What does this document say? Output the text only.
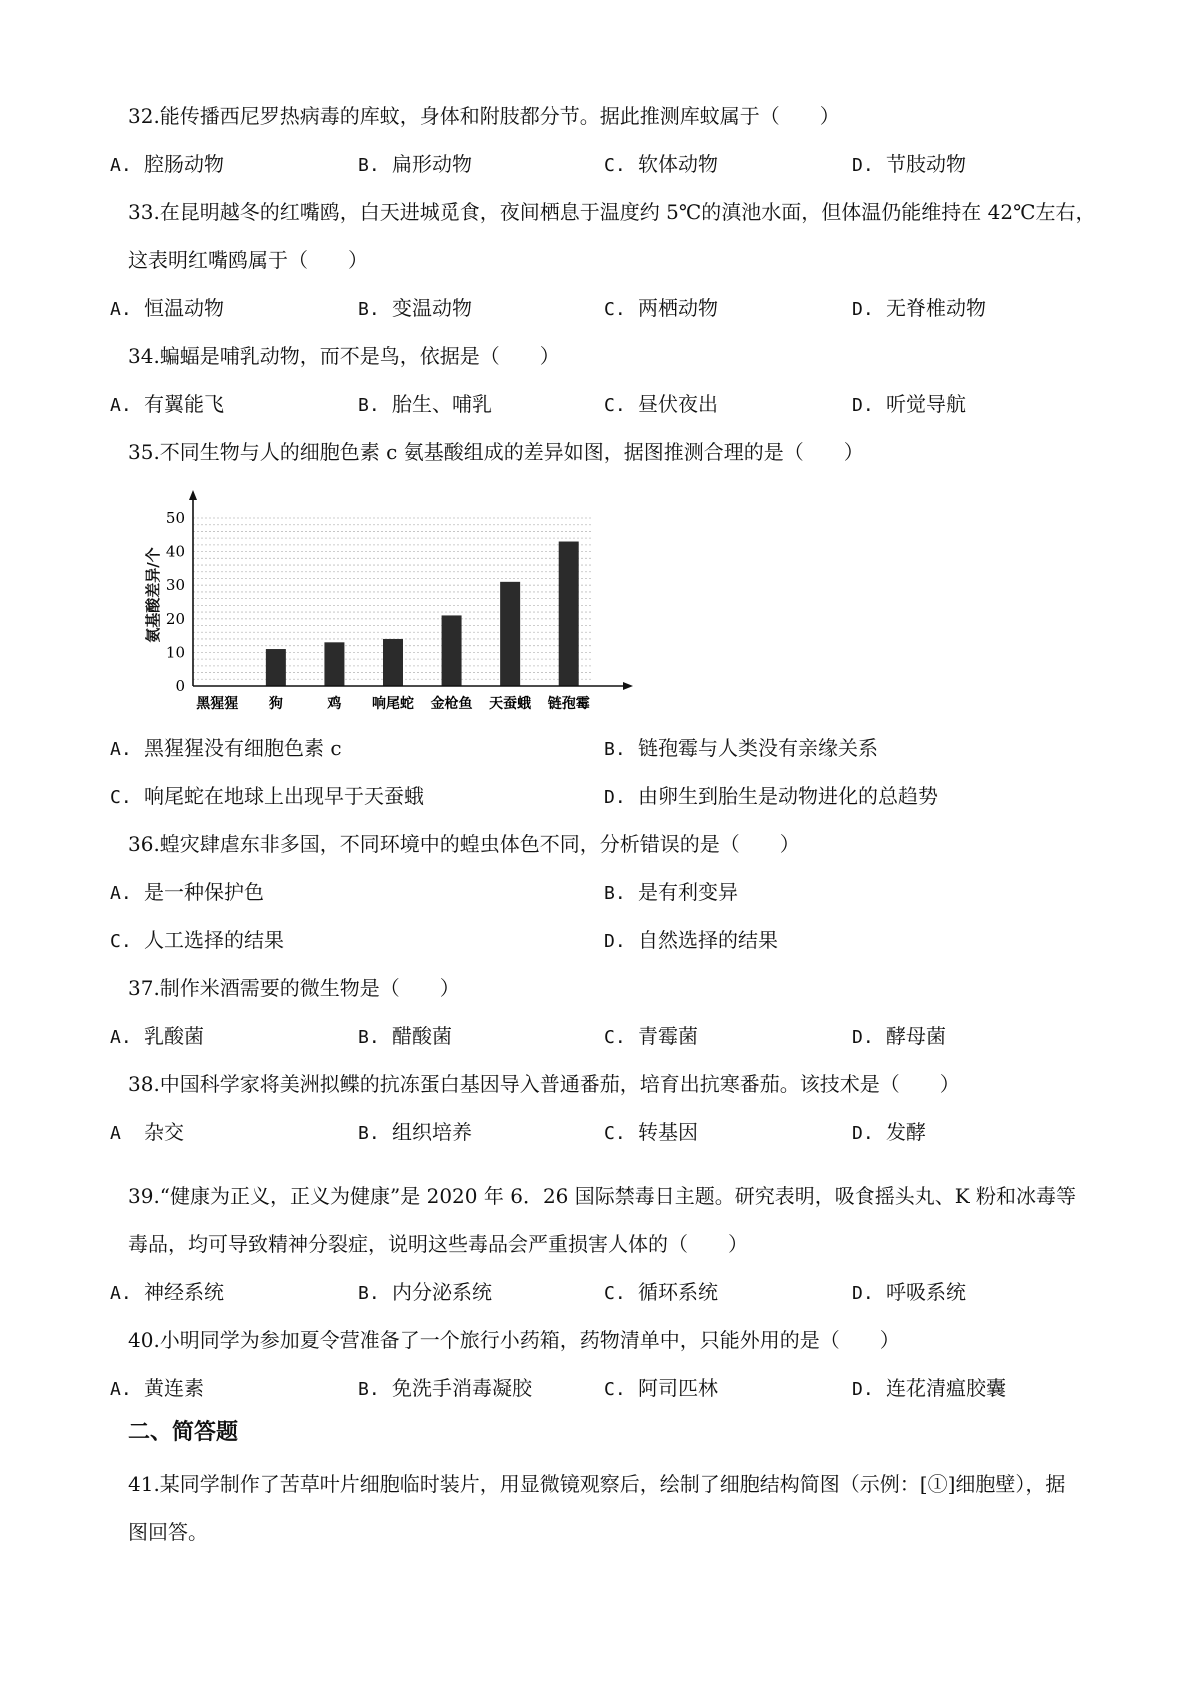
32.能传播西尼罗热病毒的库蚊，身体和附肢都分节。据此推测库蚊属于（　　）
A. 腔肠动物	B. 扁形动物	C. 软体动物	D. 节肢动物
33.在昆明越冬的红嘴鸥，白天进城觅食，夜间栖息于温度约 5℃的滇池水面，但体温仍能维持在 42℃左右，
这表明红嘴鸥属于（　　）
A. 恒温动物	B. 变温动物	C. 两栖动物	D. 无脊椎动物
34.蝙蝠是哺乳动物，而不是鸟，依据是（　　）
A. 有翼能飞	B. 胎生、哺乳	C. 昼伏夜出	D. 听觉导航
35.不同生物与人的细胞色素 c 氨基酸组成的差异如图，据图推测合理的是（　　）
0
10
20
30
40
50
黑猩猩 狗	鸡 响尾蛇 金枪鱼 天蚕蛾 链孢霉
氨基酸差异/个
A. 黑猩猩没有细胞色素 c	B. 链孢霉与人类没有亲缘关系
C. 响尾蛇在地球上出现早于天蚕蛾	D. 由卵生到胎生是动物进化的总趋势
36.蝗灾肆虐东非多国，不同环境中的蝗虫体色不同，分析错误的是（　　）
A. 是一种保护色	B. 是有利变异
C. 人工选择的结果	D. 自然选择的结果
37.制作米酒需要的微生物是（　　）
A. 乳酸菌	B. 醋酸菌	C. 青霉菌	D. 酵母菌
38.中国科学家将美洲拟鲽的抗冻蛋白基因导入普通番茄，培育出抗寒番茄。该技术是（　　）
A 杂交	B. 组织培养	C. 转基因	D. 发酵
39.“健康为正义，正义为健康”是 2020 年 6．26 国际禁毒日主题。研究表明，吸食摇头丸、K 粉和冰毒等
毒品，均可导致精神分裂症，说明这些毒品会严重损害人体的（　　）
A. 神经系统	B. 内分泌系统	C. 循环系统	D. 呼吸系统
40.小明同学为参加夏令营准备了一个旅行小药箱，药物清单中，只能外用的是（　　）
A. 黄连素	B. 免洗手消毒凝胶	C. 阿司匹林	D. 连花清瘟胶囊
二、简答题
41.某同学制作了苦草叶片细胞临时装片，用显微镜观察后，绘制了细胞结构简图（示例：[①]细胞壁），据
图回答。
